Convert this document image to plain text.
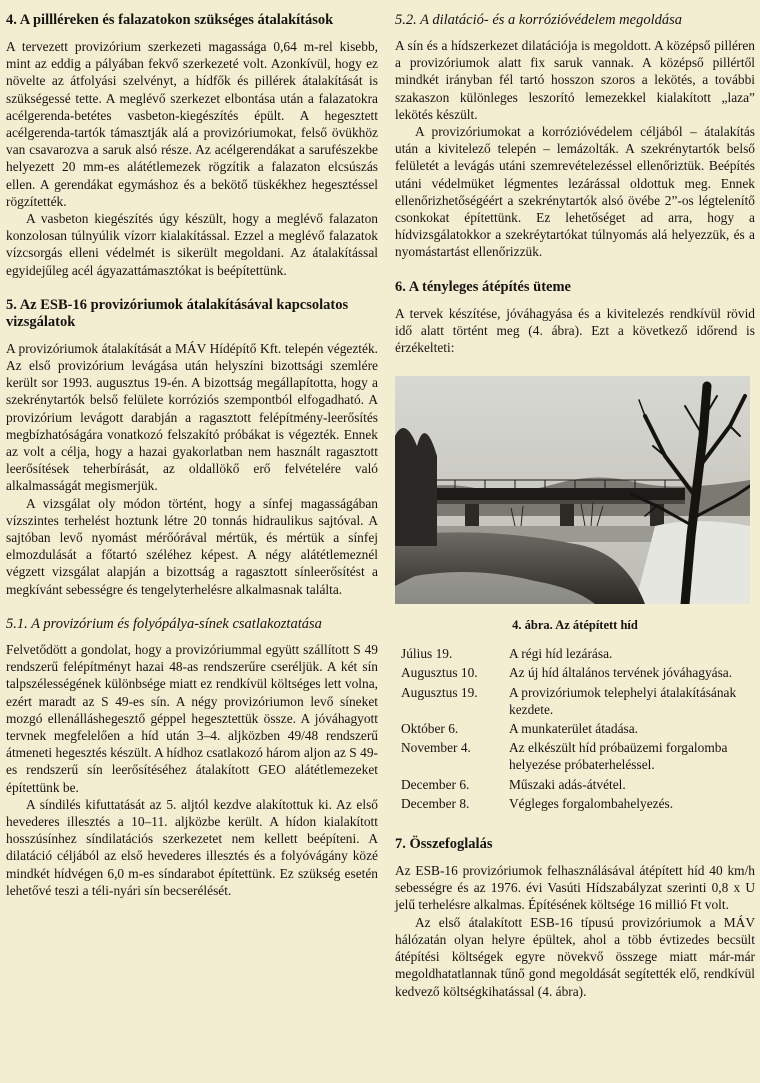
4. A pillléreken és falazatokon szükséges átalakítások

A tervezett provizórium szerkezeti magassága 0,64 m-rel kisebb, mint az eddig a pályában fekvő szerkezeté volt. Azonkívül, hogy ez növelte az átfolyási szelvényt, a hídfők és pillérek átalakítását is szükségessé tette. A meglévő szerkezet elbontása után a falazatokra acélgerenda-betétes vasbeton-kiegészítés épült. A hegesztett acélgerenda-tartók támasztják alá a provizóriumokat, felső övükhöz van csavarozva a saruk alsó része. Az acélgerendákat a sarufészekbe helyezett 20 mm-es alátétlemezek rögzítik a falazaton elcsúszás ellen. A gerendákat egymáshoz és a bekötő tüskékhez hegesztéssel rögzítették.

A vasbeton kiegészítés úgy készült, hogy a meglévő falazaton konzolosan túlnyúlik vízorr kialakítással. Ezzel a meglévő falazatok vízcsorgás elleni védelmét is sikerült megoldani. Az átalakítással egyidejűleg acél ágyazattámasztókat is beépítettünk.

5. Az ESB-16 provizóriumok átalakításával kapcsolatos vizsgálatok

A provizóriumok átalakítását a MÁV Hídépítő Kft. telepén végezték. Az első provizórium levágása után helyszíni bizottsági szemlére került sor 1993. augusztus 19-én. A bizottság megállapította, hogy a szekrénytartók belső felülete korróziós szempontból elfogadható. A provizórium levágott darabján a ragasztott felépítmény-leerősítés megbízhatóságára vonatkozó felszakító próbákat is végezték. Ennek az volt a célja, hogy a hazai gyakorlatban nem használt ragasztott leerősítések teherbírását, az oldallökő erő felvételére való alkalmasságát megismerjük.

A vizsgálat oly módon történt, hogy a sínfej magasságában vízszintes terhelést hoztunk létre 20 tonnás hidraulikus sajtóval. A sajtóban levő nyomást mérőórával mértük, és mértük a sínfej elmozdulását a főtartó széléhez képest. A négy alátétlemeznél végzett vizsgálat alapján a bizottság a ragasztott sínleerősítést a megkívánt sebességre és tengelyterhelésre alkalmasnak találta.

5.1. A provizórium és folyópálya-sínek csatlakoztatása

Felvetődött a gondolat, hogy a provizóriummal együtt szállított S 49 rendszerű felépítményt hazai 48-as rendszerűre cseréljük. A két sín talpszélességének különbsége miatt ez rendkívül költséges lett volna, ezért maradt az S 49-es sín. A négy provizóriumon levő síneket mozgó ellenálláshegesztő géppel hegesztettük össze. A jóváhagyott tervnek megfelelően a híd után 3–4. aljközben 49/48 rendszerű átmeneti hegesztés készült. A hídhoz csatlakozó három aljon az S 49-es rendszerű sín leerősítéséhez átalakított GEO alátétlemezeket építettünk be.

A síndilés kifuttatását az 5. aljtól kezdve alakítottuk ki. Az első hevederes illesztés a 10–11. aljközbe került. A hídon kialakított hosszúsínhez síndilatációs szerkezetet nem kellett beépíteni. A dilatáció céljából az első hevederes illesztés és a folyóvágány közé mindkét hídvégen 6,0 m-es síndarabot építettünk. Ez szükség esetén lehetővé teszi a téli-nyári sín becserélését.

5.2. A dilatáció- és a korrózióvédelem megoldása

A sín és a hídszerkezet dilatációja is megoldott. A középső pilléren a provizóriumok alatt fix saruk vannak. A középső pillértől mindkét irányban fél tartó hosszon szoros a lekötés, a további szakaszon különleges leszorító lemezekkel kialakított „laza” lekötés készült.

A provizóriumokat a korrózióvédelem céljából – átalakítás után a kivitelező telepén – lemázolták. A szekrénytartók belső felületét a levágás utáni szemrevételezéssel ellenőriztük. Beépítés utáni védelmüket légmentes lezárással oldottuk meg. Ennek ellenőrizhetőségéért a szekrénytartók alsó övébe 2”-os légtelenítő csonkokat építettünk. Ez lehetőséget ad arra, hogy a hídvizsgálatokkor a szekréytartókat túlnyomás alá helyezzük, és a nyomástartást ellenőrizzük.

6. A tényleges átépítés üteme

A tervek készítése, jóváhagyása és a kivitelezés rendkívül rövid idő alatt történt meg (4. ábra). Ezt a következő időrend is érzékelteti:

4. ábra. Az átépített híd
Július 19.	A régi híd lezárása.
Augusztus 10.	Az új híd általános tervének jóváhagyása.
Augusztus 19.	A provizóriumok telephelyi átalakításának kezdete.
Október 6.	A munkaterület átadása.
November 4.	Az elkészült híd próbaüzemi forgalomba helyezése próbaterheléssel.
December 6.	Műszaki adás-átvétel.
December 8.	Végleges forgalombahelyezés.
7. Összefoglalás

Az ESB-16 provizóriumok felhasználásával átépített híd 40 km/h sebességre és az 1976. évi Vasúti Hídszabályzat szerinti 0,8 x U jelű terhelésre alkalmas. Építésének költsége 16 millió Ft volt.

Az első átalakított ESB-16 típusú provizóriumok a MÁV hálózatán olyan helyre épültek, ahol a több évtizedes becsült átépítési költségek egyre növekvő összege miatt már-már megoldhatatlannak tűnő gond megoldását segítették elő, rendkívül kedvező költségkihatással (4. ábra).
